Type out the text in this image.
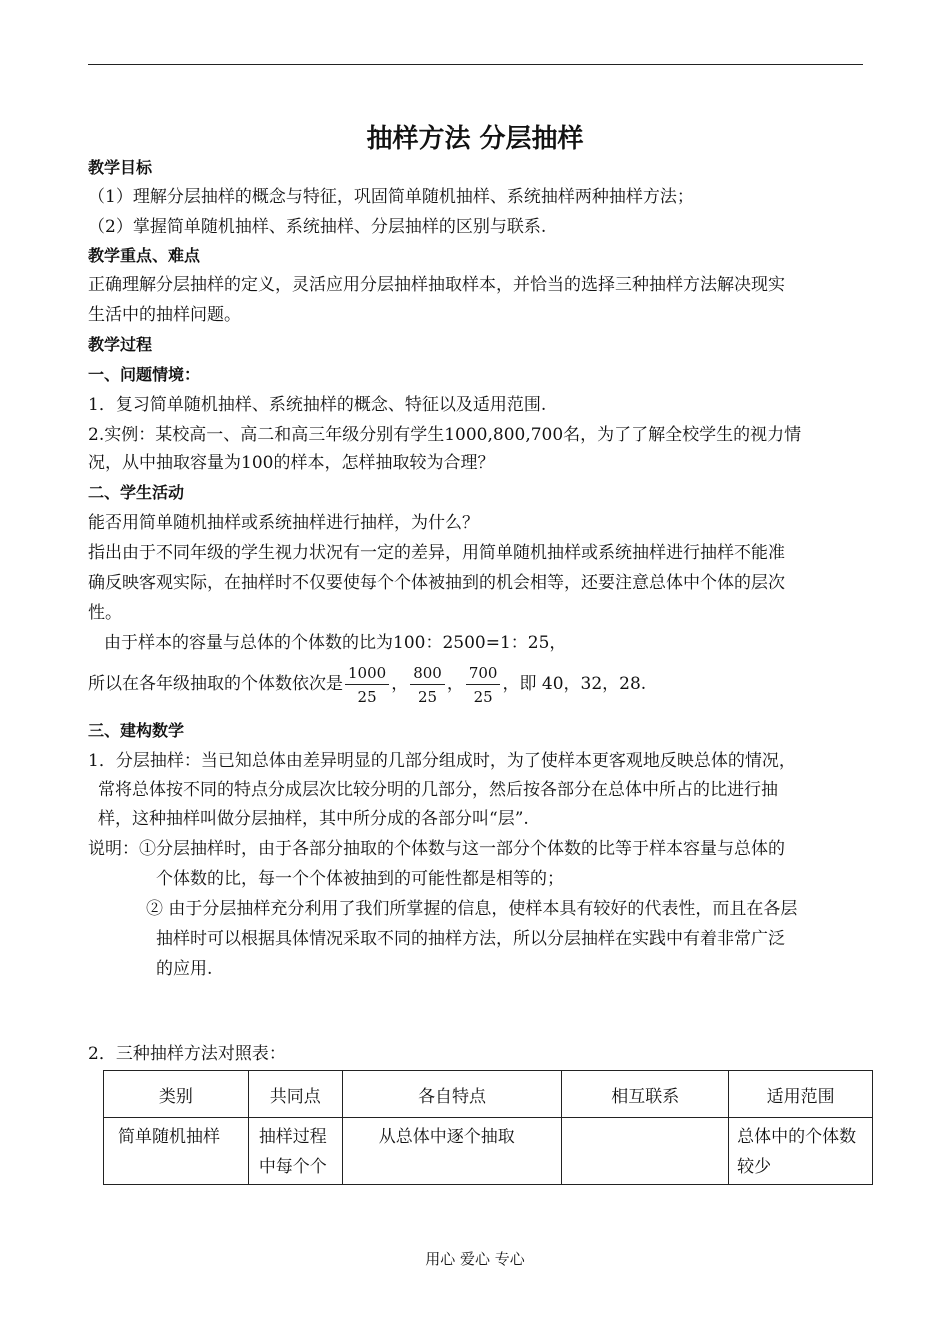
抽样方法 分层抽样
教学目标
（1）理解分层抽样的概念与特征，巩固简单随机抽样、系统抽样两种抽样方法；
（2）掌握简单随机抽样、系统抽样、分层抽样的区别与联系.
教学重点、难点
正确理解分层抽样的定义，灵活应用分层抽样抽取样本，并恰当的选择三种抽样方法解决现实
生活中的抽样问题。
教学过程
一、问题情境：
1．复习简单随机抽样、系统抽样的概念、特征以及适用范围.
2.实例：某校高一、高二和高三年级分别有学生1000,800,700名，为了了解全校学生的视力情
况，从中抽取容量为100的样本，怎样抽取较为合理？
二、学生活动
能否用简单随机抽样或系统抽样进行抽样，为什么？
指出由于不同年级的学生视力状况有一定的差异，用简单随机抽样或系统抽样进行抽样不能准
确反映客观实际，在抽样时不仅要使每个个体被抽到的机会相等，还要注意总体中个体的层次
性。
由于样本的容量与总体的个体数的比为100：2500=1：25，
所以在各年级抽取的个体数依次是 $\frac{1000}{25}$ ， $\frac{800}{25}$ ， $\frac{700}{25}$ ，即 40，32，28.
三、建构数学
1．分层抽样：当已知总体由差异明显的几部分组成时，为了使样本更客观地反映总体的情况，
常将总体按不同的特点分成层次比较分明的几部分，然后按各部分在总体中所占的比进行抽
样，这种抽样叫做分层抽样，其中所分成的各部分叫“层”.
说明：①分层抽样时，由于各部分抽取的个体数与这一部分个体数的比等于样本容量与总体的
个体数的比，每一个个体被抽到的可能性都是相等的；
② 由于分层抽样充分利用了我们所掌握的信息，使样本具有较好的代表性，而且在各层
抽样时可以根据具体情况采取不同的抽样方法，所以分层抽样在实践中有着非常广泛
的应用.
2．三种抽样方法对照表：
类别	共同点	各自特点	相互联系	适用范围
简单随机抽样	抽样过程中每个个	从总体中逐个抽取		总体中的个体数较少
用心 爱心 专心
